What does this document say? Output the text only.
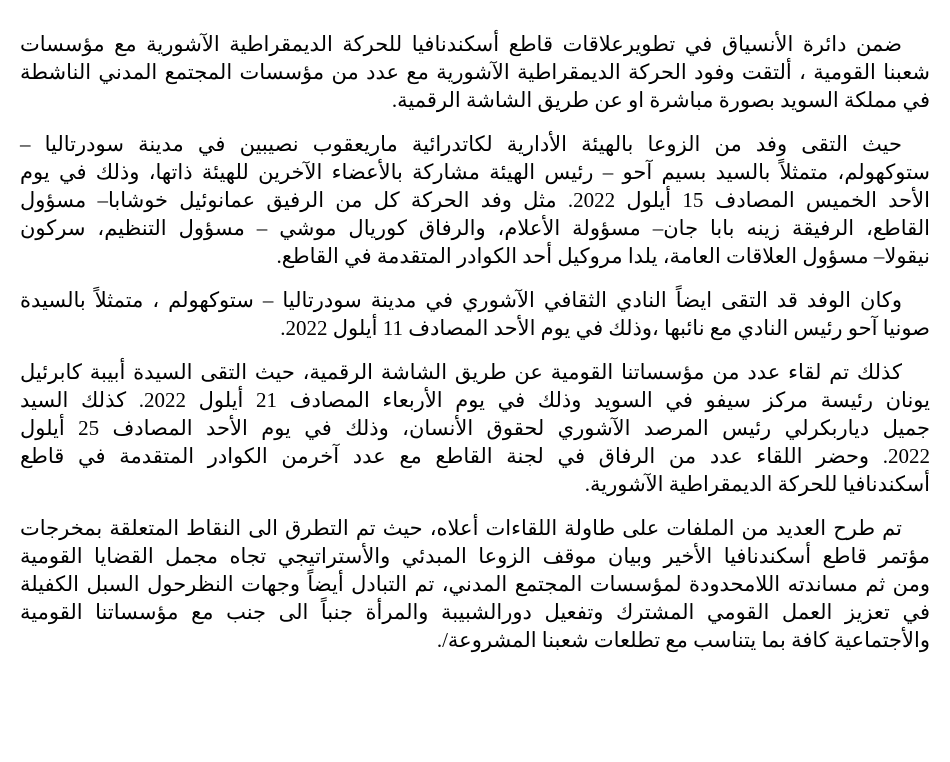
ضمن دائرة الأنسياق في تطويرعلاقات قاطع أسكندنافيا للحركة الديمقراطية الآشورية مع مؤسسات
شعبنا القومية ، ألتقت وفود الحركة الديمقراطية الآشورية مع عدد من مؤسسات المجتمع المدني الناشطة
في مملكة السويد بصورة مباشرة او عن طريق الشاشة الرقمية.

حيث التقى وفد من الزوعا بالهيئة الأدارية لكاتدرائية ماريعقوب نصيبين في مدينة سودرتاليا –
ستوكهولم، متمثلاً بالسيد بسيم آحو – رئيس الهيئة مشاركة بالأعضاء الآخرين للهيئة ذاتها، وذلك في يوم
الأحد الخميس المصادف 15 أيلول 2022. مثل وفد الحركة كل من الرفيق عمانوئيل خوشابا– مسؤول
القاطع، الرفيقة زينه بابا جان– مسؤولة الأعلام، والرفاق كوريال موشي – مسؤول التنظيم، سركون
نيقولا– مسؤول العلاقات العامة، يلدا مروكيل أحد الكوادر المتقدمة في القاطع.

وكان الوفد قد التقى ايضاً النادي الثقافي الآشوري في مدينة سودرتاليا – ستوكهولم ، متمثلاً بالسيدة
صونيا آحو رئيس النادي مع نائبها ،وذلك في يوم الأحد المصادف 11 أيلول 2022.

كذلك تم لقاء عدد من مؤسساتنا القومية عن طريق الشاشة الرقمية، حيث التقى السيدة أبيبة كابرئيل
يونان رئيسة مركز سيفو في السويد وذلك في يوم الأربعاء المصادف 21 أيلول 2022. كذلك السيد
جميل دياربكرلي رئيس المرصد الآشوري لحقوق الأنسان، وذلك في يوم الأحد المصادف 25 أيلول
2022. وحضر اللقاء عدد من الرفاق في لجنة القاطع مع عدد آخرمن الكوادر المتقدمة في قاطع
أسكندنافيا للحركة الديمقراطية الآشورية.

تم طرح العديد من الملفات على طاولة اللقاءات أعلاه، حيث تم التطرق الى النقاط المتعلقة بمخرجات
مؤتمر قاطع أسكندنافيا الأخير وبيان موقف الزوعا المبدئي والأستراتيجي تجاه مجمل القضايا القومية
ومن ثم مساندته اللامحدودة لمؤسسات المجتمع المدني، تم التبادل أيضاً وجهات النظرحول السبل الكفيلة
في تعزيز العمل القومي المشترك وتفعيل دورالشبيبة والمرأة جنباً الى جنب مع مؤسساتنا القومية
والأجتماعية كافة بما يتناسب مع تطلعات شعبنا المشروعة/.
